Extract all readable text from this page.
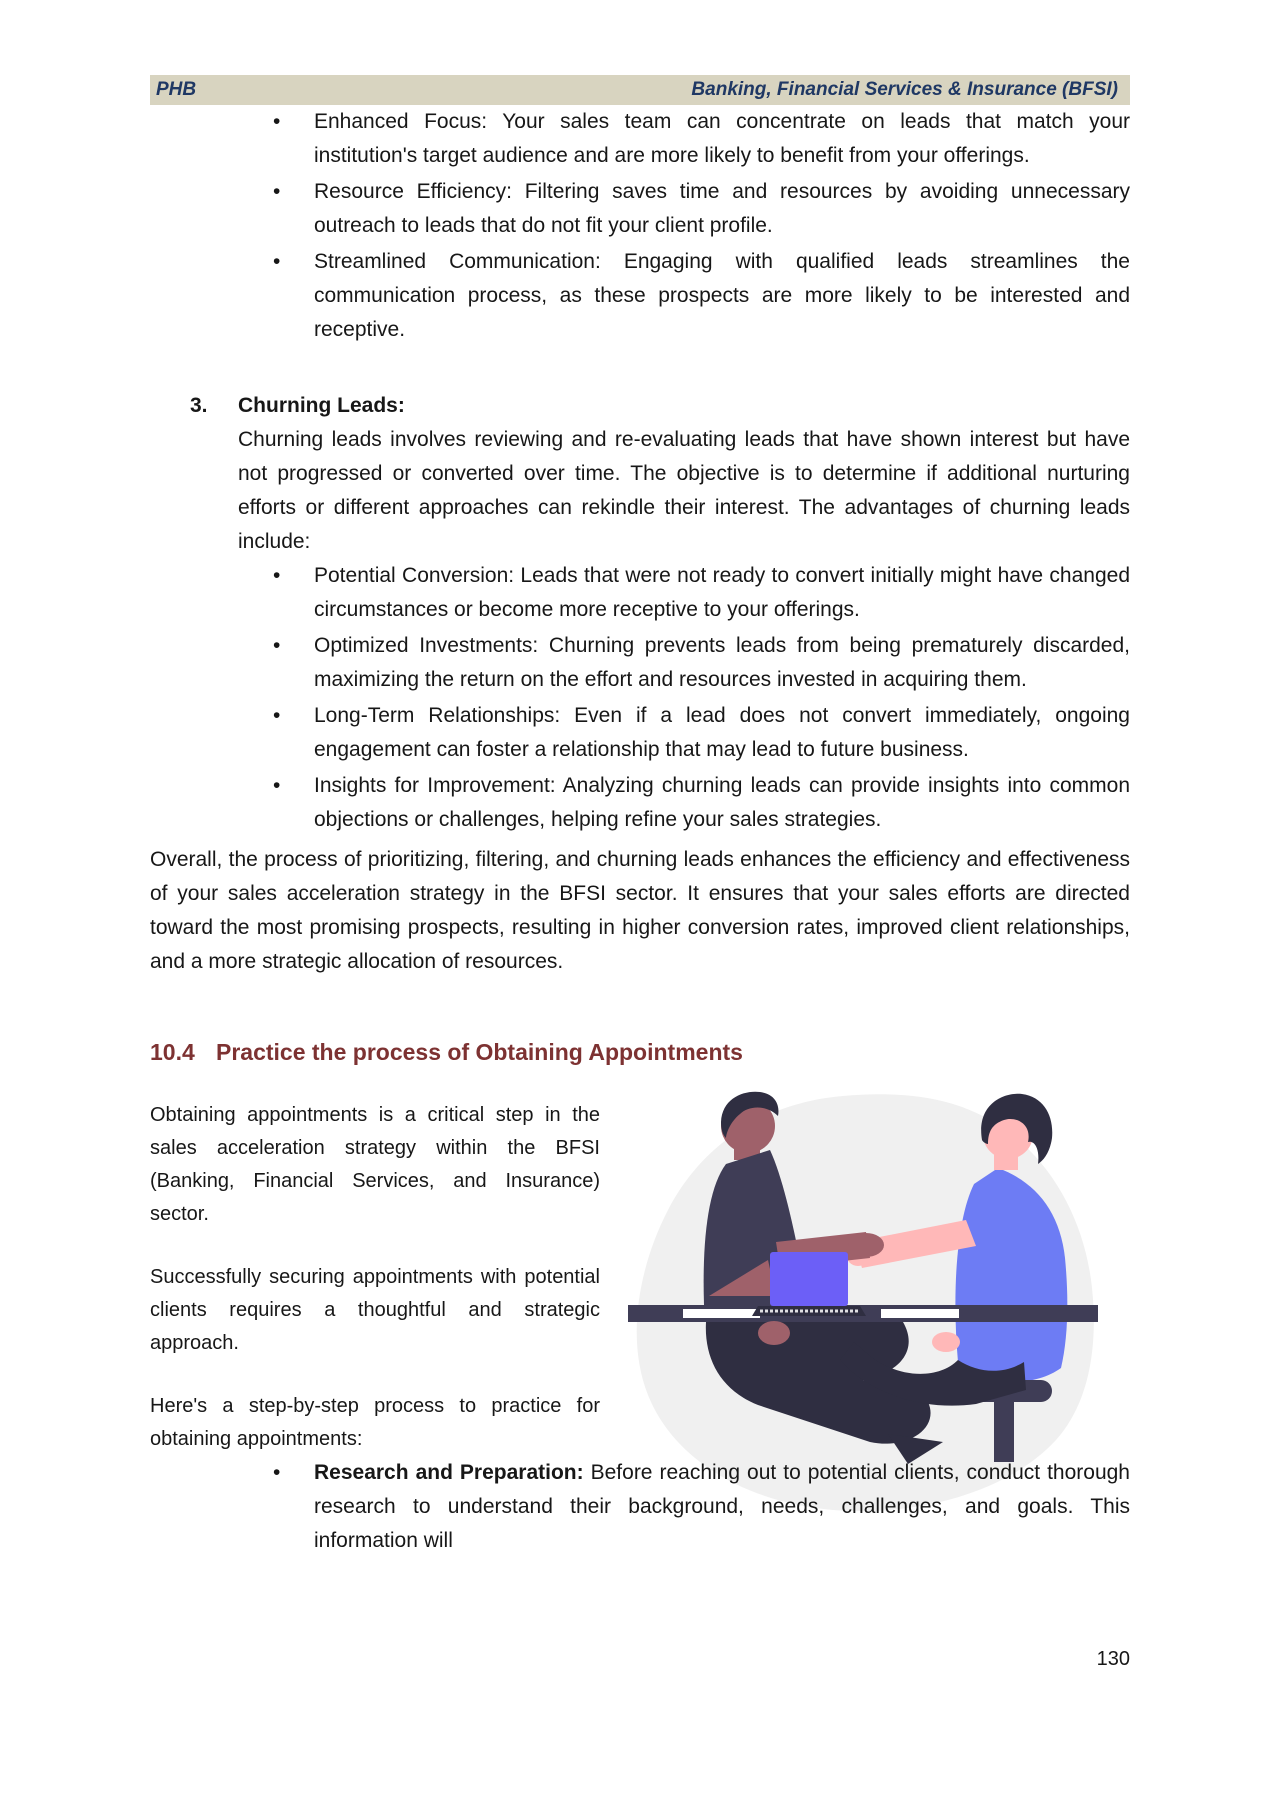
PHB	Banking, Financial Services & Insurance (BFSI)
• Enhanced Focus: Your sales team can concentrate on leads that match your institution's target audience and are more likely to benefit from your offerings.
• Resource Efficiency: Filtering saves time and resources by avoiding unnecessary outreach to leads that do not fit your client profile.
• Streamlined Communication: Engaging with qualified leads streamlines the communication process, as these prospects are more likely to be interested and receptive.
3.	Churning Leads:

Churning leads involves reviewing and re-evaluating leads that have shown interest but have not progressed or converted over time. The objective is to determine if additional nurturing efforts or different approaches can rekindle their interest. The advantages of churning leads include:

• Potential Conversion: Leads that were not ready to convert initially might have changed circumstances or become more receptive to your offerings.
• Optimized Investments: Churning prevents leads from being prematurely discarded, maximizing the return on the effort and resources invested in acquiring them.
• Long-Term Relationships: Even if a lead does not convert immediately, ongoing engagement can foster a relationship that may lead to future business.
• Insights for Improvement: Analyzing churning leads can provide insights into common objections or challenges, helping refine your sales strategies.

Overall, the process of prioritizing, filtering, and churning leads enhances the efficiency and effectiveness of your sales acceleration strategy in the BFSI sector. It ensures that your sales efforts are directed toward the most promising prospects, resulting in higher conversion rates, improved client relationships, and a more strategic allocation of resources.

10.4 Practice the process of Obtaining Appointments

Obtaining appointments is a critical step in the sales acceleration strategy within the BFSI (Banking, Financial Services, and Insurance) sector.

Successfully securing appointments with potential clients requires a thoughtful and strategic approach.

Here's a step-by-step process to practice for obtaining appointments:

• Research and Preparation: Before reaching out to potential clients, conduct thorough research to understand their background, needs, challenges, and goals. This information will
130
